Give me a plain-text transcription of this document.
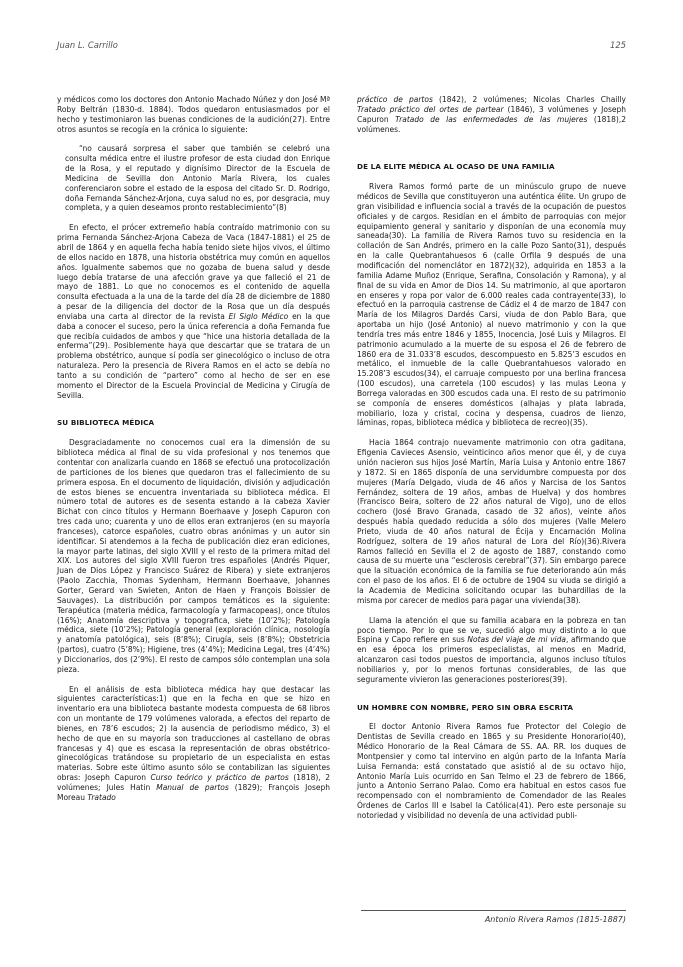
Juan L. Carrillo	125

y médicos como los doctores don Antonio Machado Núñez y don José Mª Roby Beltrán (1830-d. 1884). Todos quedaron entusiasmados por el hecho y testimoniaron las buenas condiciones de la audición(27). Entre otros asuntos se recogía en la crónica lo siguiente:

“no causará sorpresa el saber que también se celebró una consulta médica entre el ilustre profesor de esta ciudad don Enrique de la Rosa, y el reputado y dignísimo Director de la Escuela de Medicina de Sevilla don Antonio María Rivera, los cuales conferenciaron sobre el estado de la esposa del citado Sr. D. Rodrigo, doña Fernanda Sánchez-Arjona, cuya salud no es, por desgracia, muy completa, y a quien deseamos pronto restablecimiento”(8)

En efecto, el prócer extremeño había contraído matrimonio con su prima Fernanda Sánchez-Arjona Cabeza de Vaca (1847-1881) el 25 de abril de 1864 y en aquella fecha había tenido siete hijos vivos, el último de ellos nacido en 1878, una historia obstétrica muy común en aquellos años. Igualmente sabemos que no gozaba de buena salud y desde luego debía tratarse de una afección grave ya que falleció el 21 de mayo de 1881. Lo que no conocemos es el contenido de aquella consulta efectuada a la una de la tarde del día 28 de diciembre de 1880 a pesar de la diligencia del doctor de la Rosa que un día después enviaba una carta al director de la revista El Siglo Médico en la que daba a conocer el suceso, pero la única referencia a doña Fernanda fue que recibía cuidados de ambos y que “hice una historia detallada de la enferma”(29). Posiblemente haya que descartar que se tratara de un problema obstétrico, aunque sí podía ser ginecológico o incluso de otra naturaleza. Pero la presencia de Rivera Ramos en el acto se debía no tanto a su condición de “partero” como al hecho de ser en ese momento el Director de la Escuela Provincial de Medicina y Cirugía de Sevilla.

SU BIBLIOTECA MÉDICA

Desgraciadamente no conocemos cual era la dimensión de su biblioteca médica al final de su vida profesional y nos tenemos que contentar con analizarla cuando en 1868 se efectuó una protocolización de particiones de los bienes que quedaron tras el fallecimiento de su primera esposa. En el documento de liquidación, división y adjudicación de estos bienes se encuentra inventariada su biblioteca médica. El número total de autores es de sesenta estando a la cabeza Xavier Bichat con cinco títulos y Hermann Boerhaave y Joseph Capuron con tres cada uno; cuarenta y uno de ellos eran extranjeros (en su mayoría franceses), catorce españoles, cuatro obras anónimas y un autor sin identificar. Si atendemos a la fecha de publicación diez eran ediciones, la mayor parte latinas, del siglo XVIII y el resto de la primera mitad del XIX. Los autores del siglo XVIII fueron tres españoles (Andrés Piquer, Juan de Dios López y Francisco Suárez de Ribera) y siete extranjeros (Paolo Zacchia, Thomas Sydenham, Hermann Boerhaave, Johannes Gorter, Gerard van Swieten, Anton de Haen y François Boissier de Sauvages). La distribución por campos temáticos es la siguiente: Terapéutica (materia médica, farmacología y farmacopeas), once títulos (16%); Anatomía descriptiva y topografica, siete (10’2%); Patología médica, siete (10’2%); Patología general (exploración clínica, nosología y anatomía patológica), seis (8’8%); Cirugía, seis (8’8%); Obstetricia (partos), cuatro (5’8%); Higiene, tres (4’4%); Medicina Legal, tres (4’4%) y Diccionarios, dos (2’9%). El resto de campos sólo contemplan una sola pieza.

En el análisis de esta biblioteca médica hay que destacar las siguientes características:1) que en la fecha en que se hizo en inventario era una biblioteca bastante modesta compuesta de 68 libros con un montante de 179 volúmenes valorada, a efectos del reparto de bienes, en 78’6 escudos; 2) la ausencia de periodismo médico, 3) el hecho de que en su mayoría son traducciones al castellano de obras francesas y 4) que es escasa la representación de obras obstétrico-ginecológicas tratándose su propietario de un especialista en estas materias. Sobre este último asunto sólo se contabilizan las siguientes obras: Joseph Capuron Curso teórico y práctico de partos (1818), 2 volúmenes; Jules Hatin Manual de partos (1829); François Joseph Moreau Tratado

práctico de partos (1842), 2 volúmenes; Nicolas Charles Chailly Tratado práctico del ortes de partear (1846), 3 volúmenes y Joseph Capuron Tratado de las enfermedades de las mujeres (1818),2 volúmenes.

DE LA ELITE MÉDICA AL OCASO DE UNA FAMILIA

Rivera Ramos formó parte de un minúsculo grupo de nueve médicos de Sevilla que constituyeron una auténtica élite. Un grupo de gran visibilidad e influencia social a través de la ocupación de puestos oficiales y de cargos. Residían en el ámbito de parroquias con mejor equipamiento general y sanitario y disponían de una economía muy saneada(30). La familia de Rivera Ramos tuvo su residencia en la collación de San Andrés, primero en la calle Pozo Santo(31), después en la calle Quebrantahuesos 6 (calle Orfila 9 después de una modificación del nomenclátor en 1872)(32), adquirida en 1853 a la familia Adame Muñoz (Enrique, Serafina, Consolación y Ramona), y al final de su vida en Amor de Dios 14. Su matrimonio, al que aportaron en enseres y ropa por valor de 6.000 reales cada contrayente(33), lo efectuó en la parroquia castrense de Cádiz el 4 de marzo de 1847 con María de los Milagros Dardés Carsi, viuda de don Pablo Bara, que aportaba un hijo (José Antonio) al nuevo matrimonio y con la que tendría tres más entre 1846 y 1855, Inocencia, José Luis y Milagros. El patrimonio acumulado a la muerte de su esposa el 26 de febrero de 1860 era de 31.033’8 escudos, descompuesto en 5.825’3 escudos en metálico, el inmueble de la calle Quebrantahuesos valorado en 15.208’3 escudos(34), el carruaje compuesto por una berlina francesa (100 escudos), una carretela (100 escudos) y las mulas Leona y Borrega valoradas en 300 escudos cada una. El resto de su patrimonio se componía de enseres domésticos (alhajas y plata labrada, mobiliario, loza y cristal, cocina y despensa, cuadros de lienzo, láminas, ropas, biblioteca médica y biblioteca de recreo)(35).

Hacia 1864 contrajo nuevamente matrimonio con otra gaditana, Efigenia Cavieces Asensio, veinticinco años menor que él, y de cuya unión nacieron sus hijos José Martín, María Luisa y Antonio entre 1867 y 1872. Si en 1865 disponía de una servidumbre compuesta por dos mujeres (María Delgado, viuda de 46 años y Narcisa de los Santos Fernández, soltera de 19 años, ambas de Huelva) y dos hombres (Francisco Beira, soltero de 22 años natural de Vigo), uno de ellos cochero (José Bravo Granada, casado de 32 años), veinte años después había quedado reducida a sólo dos mujeres (Valle Melero Prieto, viuda de 40 años natural de Écija y Encarnación Molina Rodríguez, soltera de 19 años natural de Lora del Río)(36).Rivera Ramos falleció en Sevilla el 2 de agosto de 1887, constando como causa de su muerte una “esclerosis cerebral”(37). Sin embargo parece que la situación económica de la familia se fue deteriorando aún más con el paso de los años. El 6 de octubre de 1904 su viuda se dirigió a la Academia de Medicina solicitando ocupar las buhardillas de la misma por carecer de medios para pagar una vivienda(38).

Llama la atención el que su familia acabara en la pobreza en tan poco tiempo. Por lo que se ve, sucedió algo muy distinto a lo que Espina y Capo refiere en sus Notas del viaje de mi vida, afirmando que en esa época los primeros especialistas, al menos en Madrid, alcanzaron casi todos puestos de importancia, algunos incluso títulos nobiliarios y, por lo menos fortunas considerables, de las que seguramente vivieron las generaciones posteriores(39).

UN HOMBRE CON NOMBRE, PERO SIN OBRA ESCRITA

El doctor Antonio Rivera Ramos fue Protector del Colegio de Dentistas de Sevilla creado en 1865 y su Presidente Honorario(40), Médico Honorario de la Real Cámara de SS. AA. RR. los duques de Montpensier y como tal intervino en algún parto de la Infanta María Luisa Fernanda: está constatado que asistió al de su octavo hijo, Antonio María Luis ocurrido en San Telmo el 23 de febrero de 1866, junto a Antonio Serrano Palao. Como era habitual en estos casos fue recompensado con el nombramiento de Comendador de las Reales Órdenes de Carlos III e Isabel la Católica(41). Pero este personaje su notoriedad y visibilidad no devenía de una actividad publi-

Antonio Rivera Ramos (1815-1887)
